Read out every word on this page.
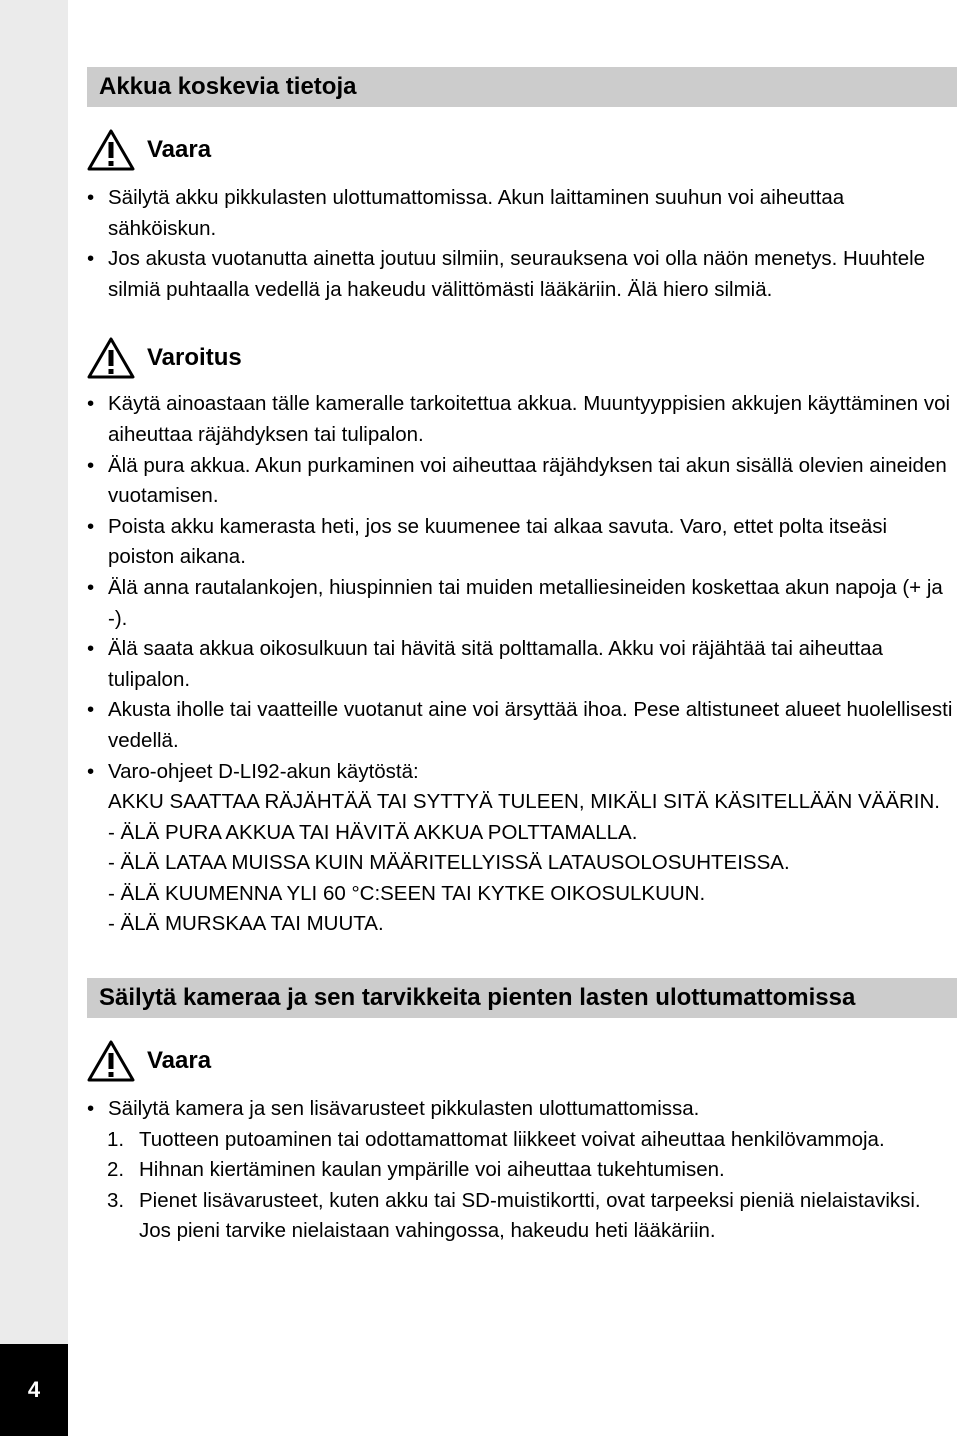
4
Akkua koskevia tietoja
Vaara
• Säilytä akku pikkulasten ulottumattomissa. Akun laittaminen suuhun voi aiheuttaa sähköiskun.
• Jos akusta vuotanutta ainetta joutuu silmiin, seurauksena voi olla näön menetys. Huuhtele silmiä puhtaalla vedellä ja hakeudu välittömästi lääkäriin. Älä hiero silmiä.
Varoitus
• Käytä ainoastaan tälle kameralle tarkoitettua akkua. Muuntyyppisien akkujen käyttäminen voi aiheuttaa räjähdyksen tai tulipalon.
• Älä pura akkua. Akun purkaminen voi aiheuttaa räjähdyksen tai akun sisällä olevien aineiden vuotamisen.
• Poista akku kamerasta heti, jos se kuumenee tai alkaa savuta. Varo, ettet polta itseäsi poiston aikana.
• Älä anna rautalankojen, hiuspinnien tai muiden metalliesineiden koskettaa akun napoja (+ ja -).
• Älä saata akkua oikosulkuun tai hävitä sitä polttamalla. Akku voi räjähtää tai aiheuttaa tulipalon.
• Akusta iholle tai vaatteille vuotanut aine voi ärsyttää ihoa. Pese altistuneet alueet huolellisesti vedellä.
• Varo-ohjeet D-LI92-akun käytöstä:
AKKU SAATTAA RÄJÄHTÄÄ TAI SYTTYÄ TULEEN, MIKÄLI SITÄ KÄSITELLÄÄN VÄÄRIN.
- ÄLÄ PURA AKKUA TAI HÄVITÄ AKKUA POLTTAMALLA.
- ÄLÄ LATAA MUISSA KUIN MÄÄRITELLYISSÄ LATAUSOLOSUHTEISSA.
- ÄLÄ KUUMENNA YLI 60 °C:SEEN TAI KYTKE OIKOSULKUUN.
- ÄLÄ MURSKAA TAI MUUTA.
Säilytä kameraa ja sen tarvikkeita pienten lasten ulottumattomissa
Vaara
• Säilytä kamera ja sen lisävarusteet pikkulasten ulottumattomissa.
1. Tuotteen putoaminen tai odottamattomat liikkeet voivat aiheuttaa henkilövammoja.
2. Hihnan kiertäminen kaulan ympärille voi aiheuttaa tukehtumisen.
3. Pienet lisävarusteet, kuten akku tai SD-muistikortti, ovat tarpeeksi pieniä nielaistaviksi. Jos pieni tarvike nielaistaan vahingossa, hakeudu heti lääkäriin.
